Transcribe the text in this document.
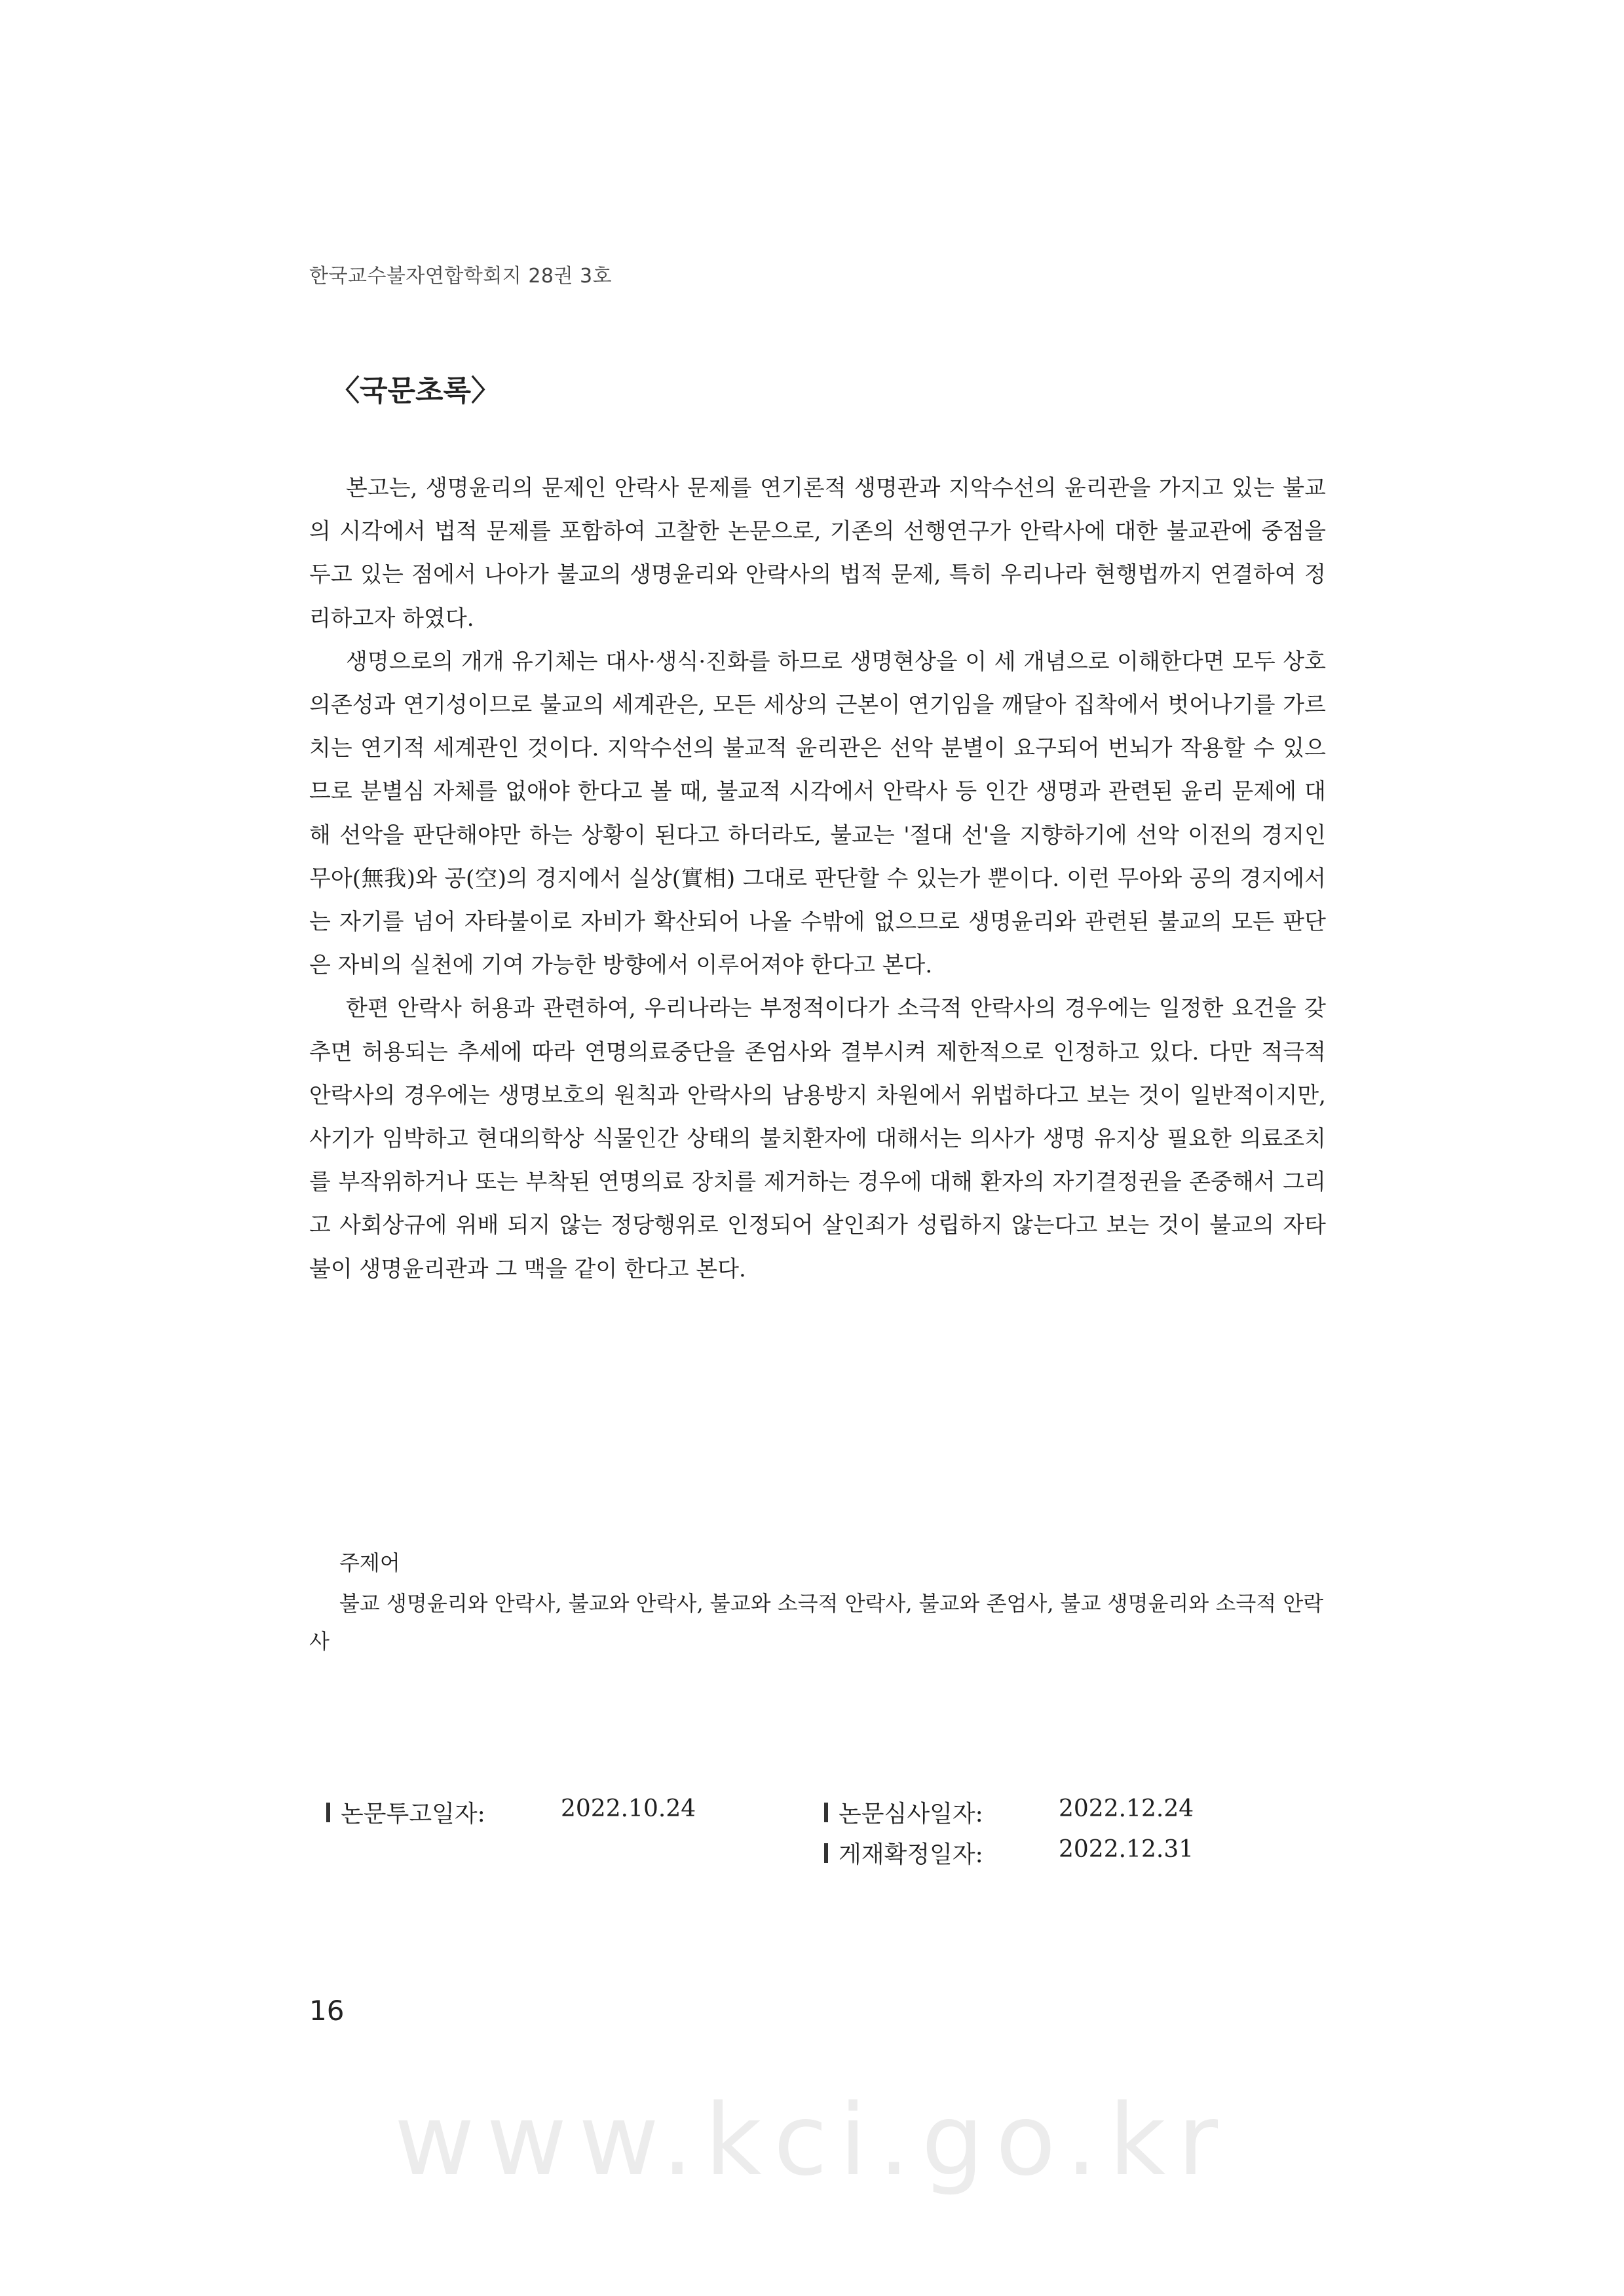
한국교수불자연합학회지 28권 3호
〈국문초록〉

본고는, 생명윤리의 문제인 안락사 문제를 연기론적 생명관과 지악수선의 윤리관을 가지고 있는 불교의 시각에서 법적 문제를 포함하여 고찰한 논문으로, 기존의 선행연구가 안락사에 대한 불교관에 중점을 두고 있는 점에서 나아가 불교의 생명윤리와 안락사의 법적 문제, 특히 우리나라 현행법까지 연결하여 정리하고자 하였다.

생명으로의 개개 유기체는 대사·생식·진화를 하므로 생명현상을 이 세 개념으로 이해한다면 모두 상호의존성과 연기성이므로 불교의 세계관은, 모든 세상의 근본이 연기임을 깨달아 집착에서 벗어나기를 가르치는 연기적 세계관인 것이다. 지악수선의 불교적 윤리관은 선악 분별이 요구되어 번뇌가 작용할 수 있으므로 분별심 자체를 없애야 한다고 볼 때, 불교적 시각에서 안락사 등 인간 생명과 관련된 윤리 문제에 대해 선악을 판단해야만 하는 상황이 된다고 하더라도, 불교는 '절대 선'을 지향하기에 선악 이전의 경지인 무아(無我)와 공(空)의 경지에서 실상(實相) 그대로 판단할 수 있는가 뿐이다. 이런 무아와 공의 경지에서는 자기를 넘어 자타불이로 자비가 확산되어 나올 수밖에 없으므로 생명윤리와 관련된 불교의 모든 판단은 자비의 실천에 기여 가능한 방향에서 이루어져야 한다고 본다.

한편 안락사 허용과 관련하여, 우리나라는 부정적이다가 소극적 안락사의 경우에는 일정한 요건을 갖추면 허용되는 추세에 따라 연명의료중단을 존엄사와 결부시켜 제한적으로 인정하고 있다. 다만 적극적 안락사의 경우에는 생명보호의 원칙과 안락사의 남용방지 차원에서 위법하다고 보는 것이 일반적이지만, 사기가 임박하고 현대의학상 식물인간 상태의 불치환자에 대해서는 의사가 생명 유지상 필요한 의료조치를 부작위하거나 또는 부착된 연명의료 장치를 제거하는 경우에 대해 환자의 자기결정권을 존중해서 그리고 사회상규에 위배 되지 않는 정당행위로 인정되어 살인죄가 성립하지 않는다고 보는 것이 불교의 자타불이 생명윤리관과 그 맥을 같이 한다고 본다.

주제어
불교 생명윤리와 안락사, 불교와 안락사, 불교와 소극적 안락사, 불교와 존엄사, 불교 생명윤리와 소극적 안락사
논문투고일자:	2022.10.24	논문심사일자:	2022.12.24
게재확정일자:	2022.12.31
16
www.kci.go.kr
